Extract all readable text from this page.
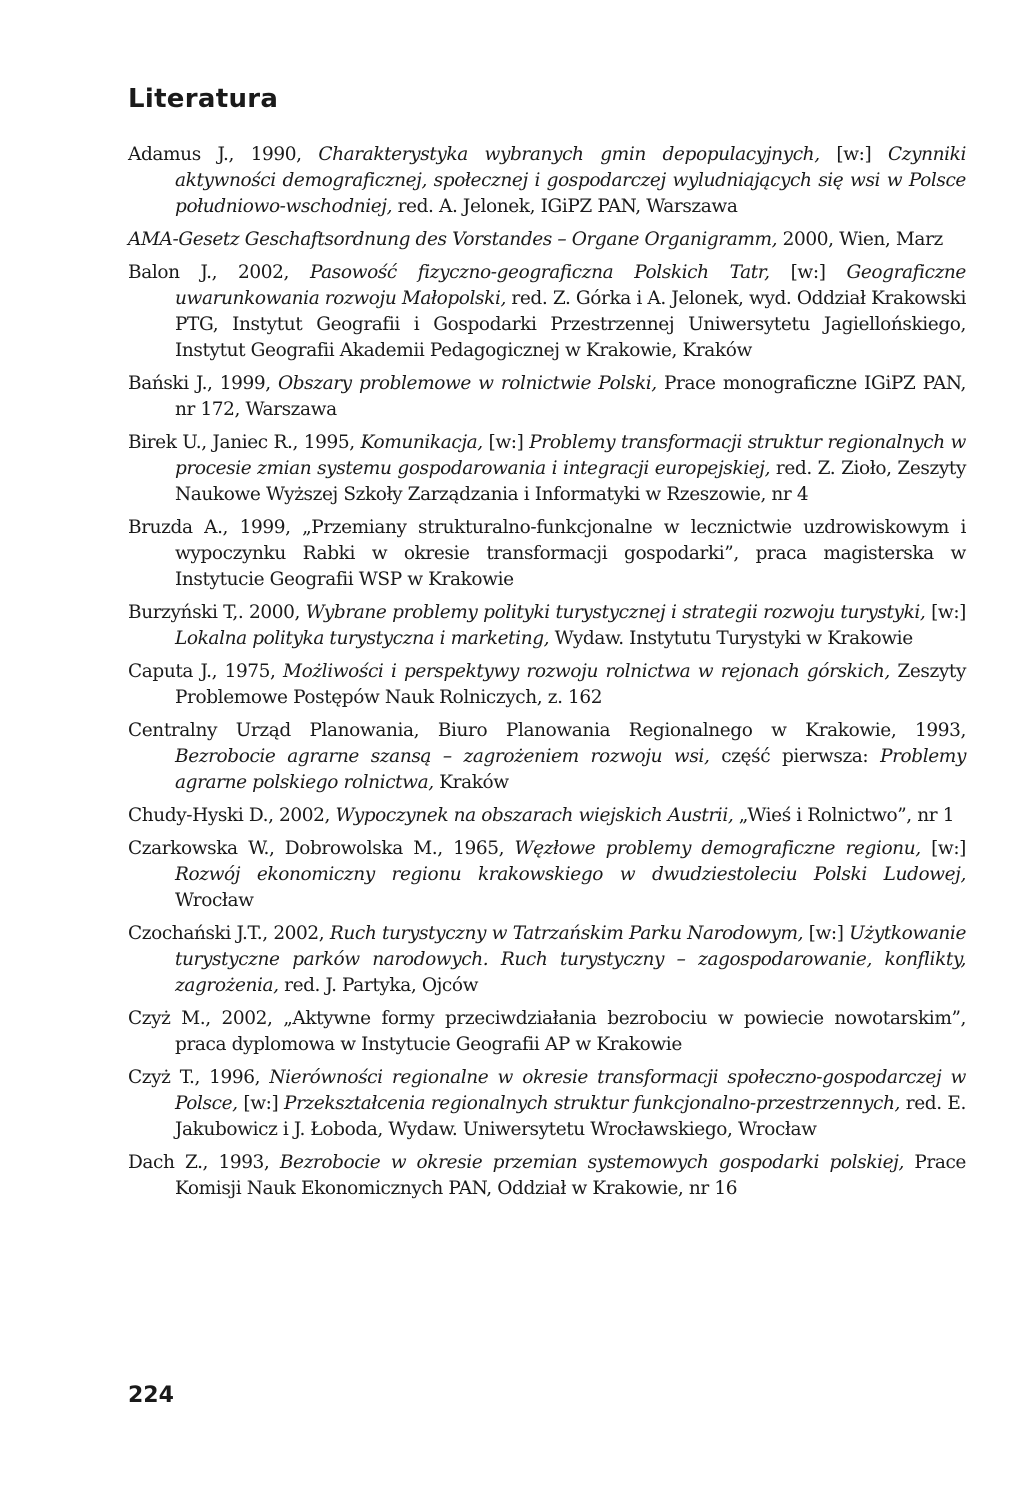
Literatura
Adamus J., 1990, Charakterystyka wybranych gmin depopulacyjnych, [w:] Czynniki aktywności demograficznej, społecznej i gospodarczej wyludniających się wsi w Polsce południowo-wschodniej, red. A. Jelonek, IGiPZ PAN, Warszawa
AMA-Gesetz Geschaftsordnung des Vorstandes – Organe Organigramm, 2000, Wien, Marz
Balon J., 2002, Pasowość fizyczno-geograficzna Polskich Tatr, [w:] Geograficzne uwarunkowania rozwoju Małopolski, red. Z. Górka i A. Jelonek, wyd. Oddział Krakowski PTG, Instytut Geografii i Gospodarki Przestrzennej Uniwersytetu Jagiellońskiego, Instytut Geografii Akademii Pedagogicznej w Krakowie, Kraków
Bański J., 1999, Obszary problemowe w rolnictwie Polski, Prace monograficzne IGiPZ PAN, nr 172, Warszawa
Birek U., Janiec R., 1995, Komunikacja, [w:] Problemy transformacji struktur regionalnych w procesie zmian systemu gospodarowania i integracji europejskiej, red. Z. Zioło, Zeszyty Naukowe Wyższej Szkoły Zarządzania i Informatyki w Rzeszowie, nr 4
Bruzda A., 1999, „Przemiany strukturalno-funkcjonalne w lecznictwie uzdrowiskowym i wypoczynku Rabki w okresie transformacji gospodarki”, praca magisterska w Instytucie Geografii WSP w Krakowie
Burzyński T,. 2000, Wybrane problemy polityki turystycznej i strategii rozwoju turystyki, [w:] Lokalna polityka turystyczna i marketing, Wydaw. Instytutu Turystyki w Krakowie
Caputa J., 1975, Możliwości i perspektywy rozwoju rolnictwa w rejonach górskich, Zeszyty Problemowe Postępów Nauk Rolniczych, z. 162
Centralny Urząd Planowania, Biuro Planowania Regionalnego w Krakowie, 1993, Bezrobocie agrarne szansą – zagrożeniem rozwoju wsi, część pierwsza: Problemy agrarne polskiego rolnictwa, Kraków
Chudy-Hyski D., 2002, Wypoczynek na obszarach wiejskich Austrii, „Wieś i Rolnictwo”, nr 1
Czarkowska W., Dobrowolska M., 1965, Węzłowe problemy demograficzne regionu, [w:] Rozwój ekonomiczny regionu krakowskiego w dwudziestoleciu Polski Ludowej, Wrocław
Czochański J.T., 2002, Ruch turystyczny w Tatrzańskim Parku Narodowym, [w:] Użytkowanie turystyczne parków narodowych. Ruch turystyczny – zagospodarowanie, konflikty, zagrożenia, red. J. Partyka, Ojców
Czyż M., 2002, „Aktywne formy przeciwdziałania bezrobociu w powiecie nowotarskim”, praca dyplomowa w Instytucie Geografii AP w Krakowie
Czyż T., 1996, Nierówności regionalne w okresie transformacji społeczno-gospodarczej w Polsce, [w:] Przekształcenia regionalnych struktur funkcjonalno-przestrzennych, red. E. Jakubowicz i J. Łoboda, Wydaw. Uniwersytetu Wrocławskiego, Wrocław
Dach Z., 1993, Bezrobocie w okresie przemian systemowych gospodarki polskiej, Prace Komisji Nauk Ekonomicznych PAN, Oddział w Krakowie, nr 16
224
